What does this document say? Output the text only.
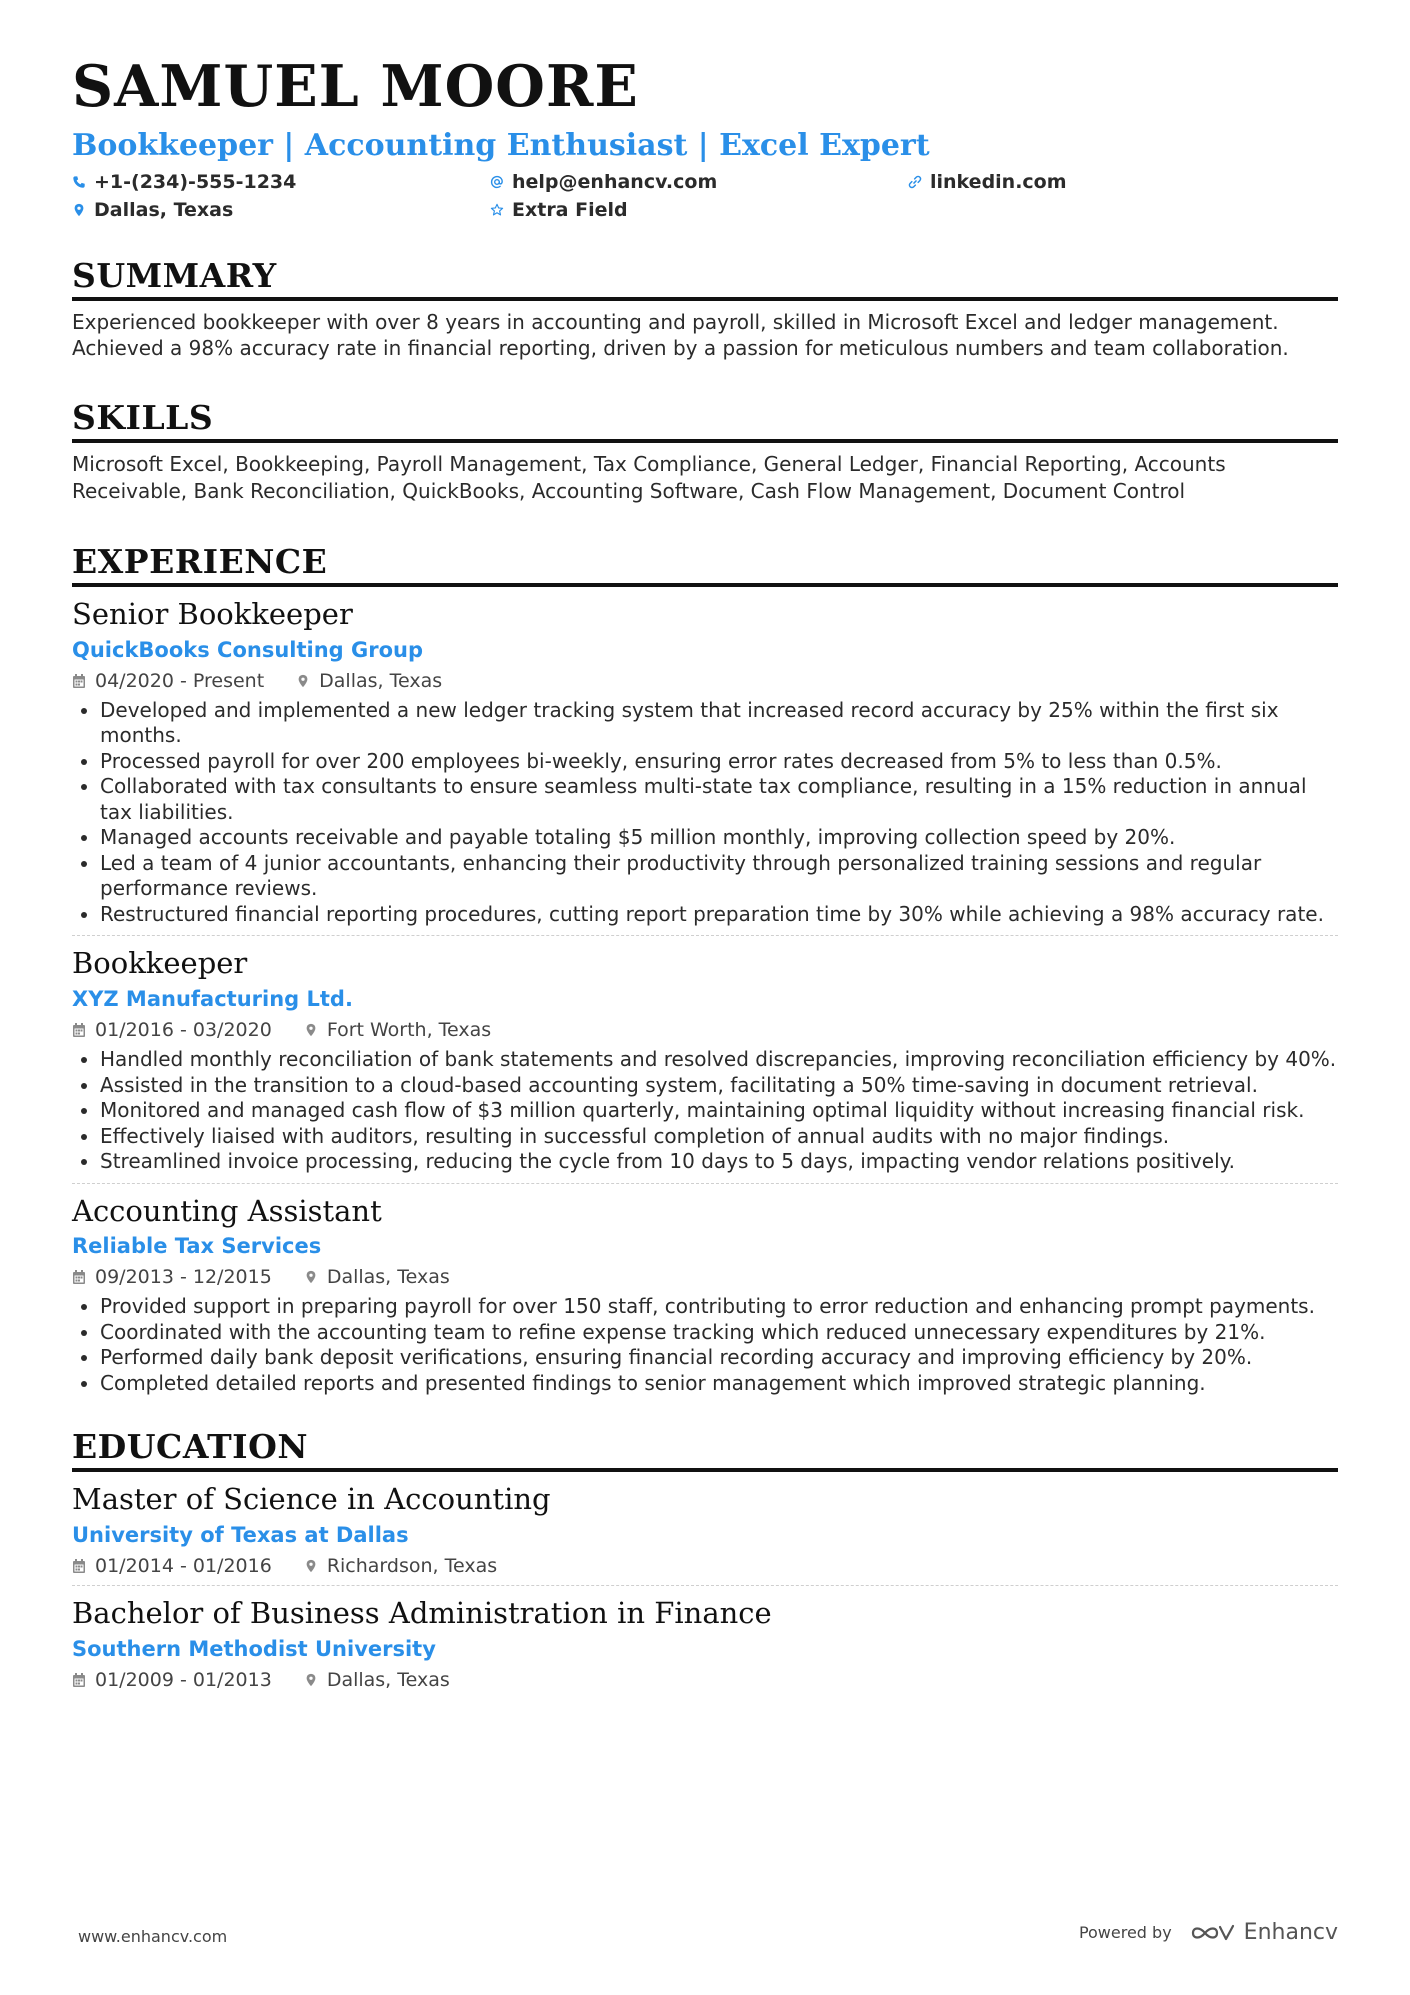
SAMUEL MOORE
Bookkeeper | Accounting Enthusiast | Excel Expert
+1-(234)-555-1234	help@enhancv.com	linkedin.com
Dallas, Texas	Extra Field
SUMMARY
Experienced bookkeeper with over 8 years in accounting and payroll, skilled in Microsoft Excel and ledger management. Achieved a 98% accuracy rate in financial reporting, driven by a passion for meticulous numbers and team collaboration.
SKILLS
Microsoft Excel, Bookkeeping, Payroll Management, Tax Compliance, General Ledger, Financial Reporting, Accounts Receivable, Bank Reconciliation, QuickBooks, Accounting Software, Cash Flow Management, Document Control
EXPERIENCE
Senior Bookkeeper
QuickBooks Consulting Group
04/2020 - Present	Dallas, Texas
• Developed and implemented a new ledger tracking system that increased record accuracy by 25% within the first six months.
• Processed payroll for over 200 employees bi-weekly, ensuring error rates decreased from 5% to less than 0.5%.
• Collaborated with tax consultants to ensure seamless multi-state tax compliance, resulting in a 15% reduction in annual tax liabilities.
• Managed accounts receivable and payable totaling $5 million monthly, improving collection speed by 20%.
• Led a team of 4 junior accountants, enhancing their productivity through personalized training sessions and regular performance reviews.
• Restructured financial reporting procedures, cutting report preparation time by 30% while achieving a 98% accuracy rate.
Bookkeeper
XYZ Manufacturing Ltd.
01/2016 - 03/2020	Fort Worth, Texas
• Handled monthly reconciliation of bank statements and resolved discrepancies, improving reconciliation efficiency by 40%.
• Assisted in the transition to a cloud-based accounting system, facilitating a 50% time-saving in document retrieval.
• Monitored and managed cash flow of $3 million quarterly, maintaining optimal liquidity without increasing financial risk.
• Effectively liaised with auditors, resulting in successful completion of annual audits with no major findings.
• Streamlined invoice processing, reducing the cycle from 10 days to 5 days, impacting vendor relations positively.
Accounting Assistant
Reliable Tax Services
09/2013 - 12/2015	Dallas, Texas
• Provided support in preparing payroll for over 150 staff, contributing to error reduction and enhancing prompt payments.
• Coordinated with the accounting team to refine expense tracking which reduced unnecessary expenditures by 21%.
• Performed daily bank deposit verifications, ensuring financial recording accuracy and improving efficiency by 20%.
• Completed detailed reports and presented findings to senior management which improved strategic planning.
EDUCATION
Master of Science in Accounting
University of Texas at Dallas
01/2014 - 01/2016	Richardson, Texas
Bachelor of Business Administration in Finance
Southern Methodist University
01/2009 - 01/2013	Dallas, Texas
www.enhancv.com	Powered by	Enhancv
